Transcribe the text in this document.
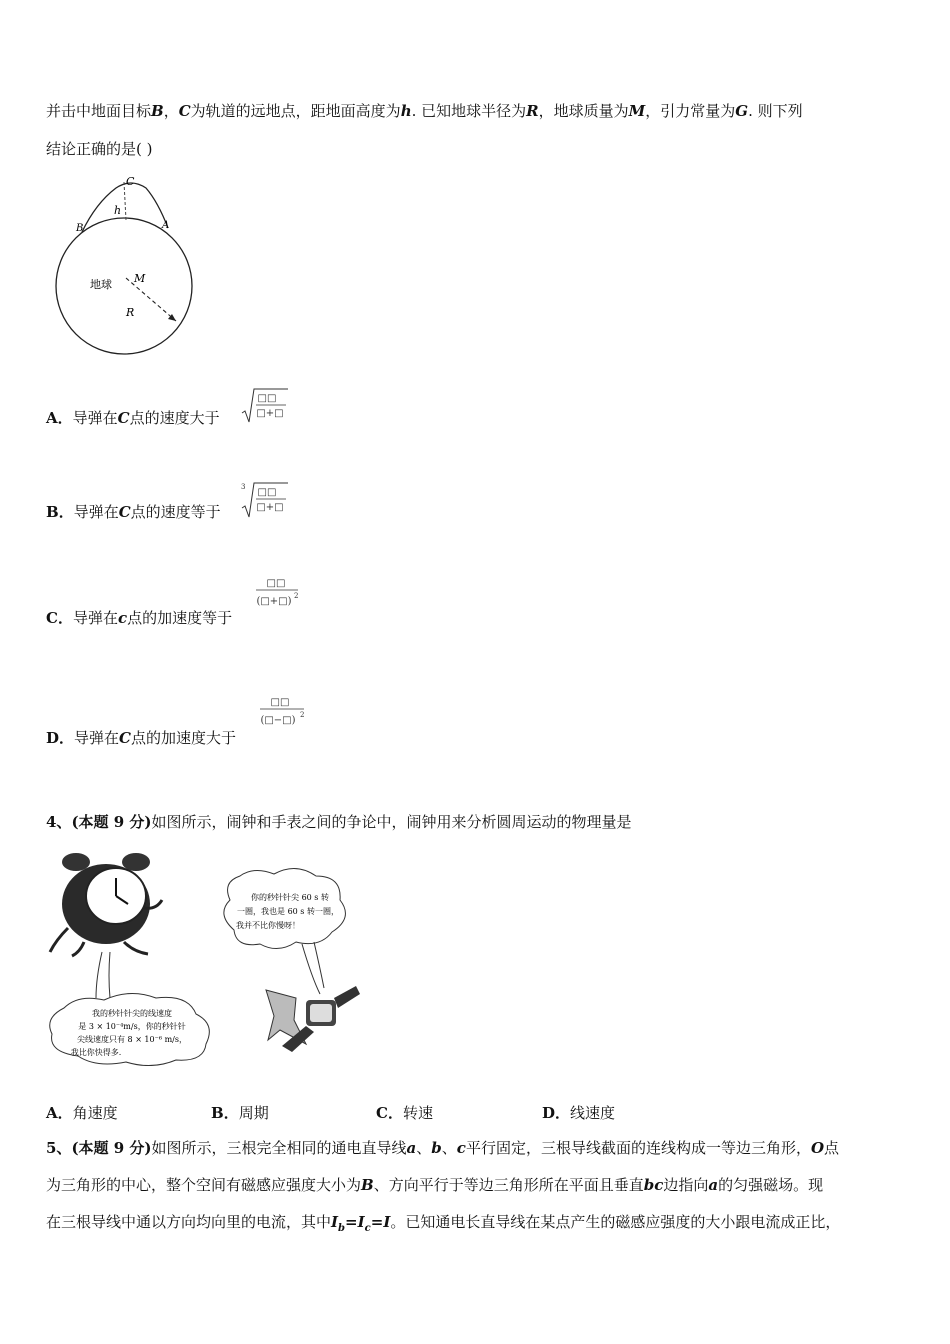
并击中地面目标B，C为轨道的远地点，距地面高度为h. 已知地球半径为R，地球质量为M，引力常量为G. 则下列
结论正确的是( )
C
h
B	A
地球 M
R
A．导弹在C点的速度大于
□□
□+□
B．导弹在C点的速度等于
3 □□
□+□
C．导弹在c点的加速度等于
□□
(□+□) 2
D．导弹在C点的加速度大于
□□
(□−□) 2
4、(本题 9 分)如图所示，闹钟和手表之间的争论中，闹钟用来分析圆周运动的物理量是
你的秒针针尖 60 s 转
一圈，我也是 60 s 转一圈，
我并不比你慢呀！
我的秒针针尖的线速度
是 3 × 10⁻⁴m/s，你的秒针针
尖线速度只有 8 × 10⁻⁶ m/s，
我比你快得多.
A．角速度	B．周期	C．转速	D．线速度
5、(本题 9 分)如图所示，三根完全相同的通电直导线a、b、c平行固定，三根导线截面的连线构成一等边三角形，O点
为三角形的中心，整个空间有磁感应强度大小为B、方向平行于等边三角形所在平面且垂直bc边指向a的匀强磁场。现
在三根导线中通以方向均向里的电流，其中$I_b=I_c=I$。已知通电长直导线在某点产生的磁感应强度的大小跟电流成正比，
